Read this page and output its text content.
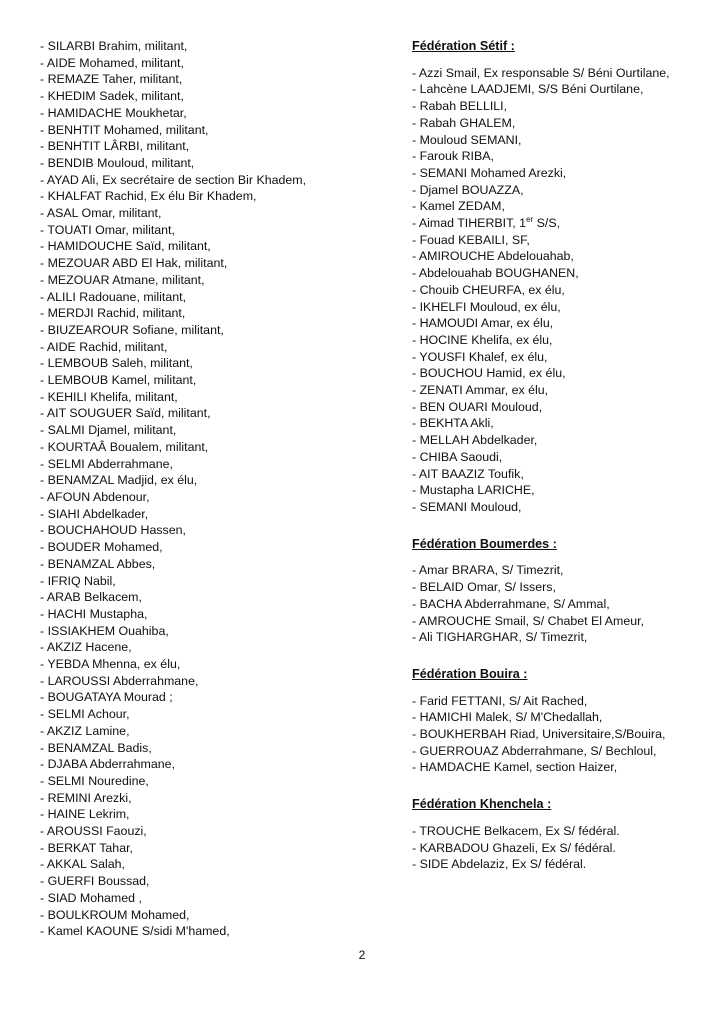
- SILARBI Brahim, militant,
- AIDE Mohamed, militant,
- REMAZE Taher, militant,
- KHEDIM Sadek, militant,
- HAMIDACHE Moukhetar,
- BENHTIT Mohamed, militant,
- BENHTIT LÂRBI, militant,
- BENDIB Mouloud, militant,
- AYAD Ali, Ex secrétaire de section Bir Khadem,
- KHALFAT Rachid, Ex élu Bir Khadem,
- ASAL Omar, militant,
- TOUATI Omar, militant,
- HAMIDOUCHE Saïd, militant,
- MEZOUAR ABD El Hak, militant,
- MEZOUAR Atmane, militant,
- ALILI Radouane, militant,
- MERDJI Rachid, militant,
- BIUZEAROUR Sofiane, militant,
- AIDE Rachid, militant,
- LEMBOUB Saleh, militant,
- LEMBOUB Kamel, militant,
- KEHILI Khelifa, militant,
- AIT SOUGUER Saïd, militant,
- SALMI Djamel, militant,
- KOURTAÂ Boualem, militant,
- SELMI Abderrahmane,
- BENAMZAL Madjid, ex élu,
- AFOUN Abdenour,
- SIAHI Abdelkader,
- BOUCHAHOUD Hassen,
- BOUDER Mohamed,
- BENAMZAL Abbes,
- IFRIQ Nabil,
- ARAB Belkacem,
- HACHI Mustapha,
- ISSIAKHEM Ouahiba,
- AKZIZ Hacene,
- YEBDA Mhenna, ex élu,
- LAROUSSI Abderrahmane,
- BOUGATAYA Mourad ;
- SELMI Achour,
- AKZIZ Lamine,
- BENAMZAL Badis,
- DJABA Abderrahmane,
- SELMI Nouredine,
- REMINI Arezki,
- HAINE Lekrim,
- AROUSSI Faouzi,
- BERKAT Tahar,
- AKKAL Salah,
- GUERFI Boussad,
- SIAD Mohamed ,
- BOULKROUM Mohamed,
- Kamel KAOUNE S/sidi M'hamed,
Fédération Sétif :
- Azzi Smail, Ex responsable S/ Béni Ourtilane,
- Lahcène LAADJEMI, S/S Béni Ourtilane,
- Rabah BELLILI,
- Rabah GHALEM,
- Mouloud SEMANI,
- Farouk RIBA,
- SEMANI Mohamed Arezki,
- Djamel BOUAZZA,
- Kamel ZEDAM,
- Aimad TIHERBIT, 1er S/S,
- Fouad KEBAILI, SF,
- AMIROUCHE Abdelouahab,
- Abdelouahab BOUGHANEN,
- Chouib CHEURFA, ex élu,
- IKHELFI Mouloud, ex élu,
- HAMOUDI Amar, ex élu,
- HOCINE Khelifa, ex élu,
- YOUSFI Khalef, ex élu,
- BOUCHOU Hamid, ex élu,
- ZENATI Ammar, ex élu,
- BEN OUARI Mouloud,
- BEKHTA Akli,
- MELLAH Abdelkader,
- CHIBA Saoudi,
- AIT BAAZIZ Toufik,
- Mustapha LARICHE,
- SEMANI Mouloud,
Fédération Boumerdes :
- Amar BRARA, S/ Timezrit,
- BELAID Omar, S/ Issers,
- BACHA Abderrahmane, S/ Ammal,
- AMROUCHE Smail, S/ Chabet El Ameur,
- Ali TIGHARGHAR, S/ Timezrit,
Fédération Bouira :
- Farid FETTANI, S/ Ait Rached,
- HAMICHI Malek, S/ M'Chedallah,
- BOUKHERBAH Riad, Universitaire,S/Bouira,
- GUERROUAZ Abderrahmane, S/ Bechloul,
- HAMDACHE Kamel, section Haizer,
Fédération Khenchela :
- TROUCHE Belkacem, Ex S/ fédéral.
- KARBADOU Ghazeli, Ex S/ fédéral.
- SIDE Abdelaziz, Ex S/ fédéral.
2
